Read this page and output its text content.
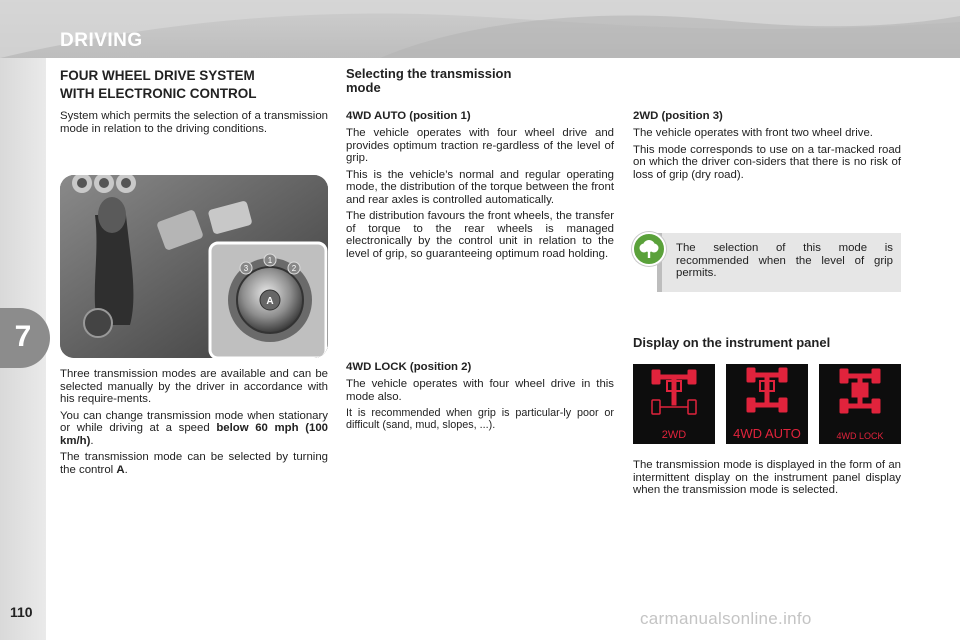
DRIVING
7
110
FOUR WHEEL DRIVE SYSTEM
WITH ELECTRONIC CONTROL

System which permits the selection of a transmission mode in relation to the driving conditions.

3
1
2
A

Three transmission modes are available and can be selected manually by the driver in accordance with his require-ments.

You can change transmission mode when stationary or while driving at a speed below 60 mph (100 km/h).

The transmission mode can be selected by turning the control A.

Selecting the transmission
mode
4WD AUTO (position 1)

The vehicle operates with four wheel drive and provides optimum traction re-gardless of the level of grip.

This is the vehicle’s normal and regular operating mode, the distribution of the torque between the front and rear axles is controlled automatically.

The distribution favours the front wheels, the transfer of torque to the rear wheels is managed electronically by the control unit in relation to the level of grip, so guaranteeing optimum road holding.

4WD LOCK (position 2)

The vehicle operates with four wheel drive in this mode also.

It is recommended when grip is particular-ly poor or difficult (sand, mud, slopes, ...).

2WD (position 3)

The vehicle operates with front two wheel drive.

This mode corresponds to use on a tar-macked road on which the driver con-siders that there is no risk of loss of grip (dry road).

The selection of this mode is recommended when the level of grip permits.

Display on the instrument panel
2WD	4WD AUTO	4WD LOCK

The transmission mode is displayed in the form of an intermittent display on the instrument panel display when the transmission mode is selected.

carmanualsonline.info
